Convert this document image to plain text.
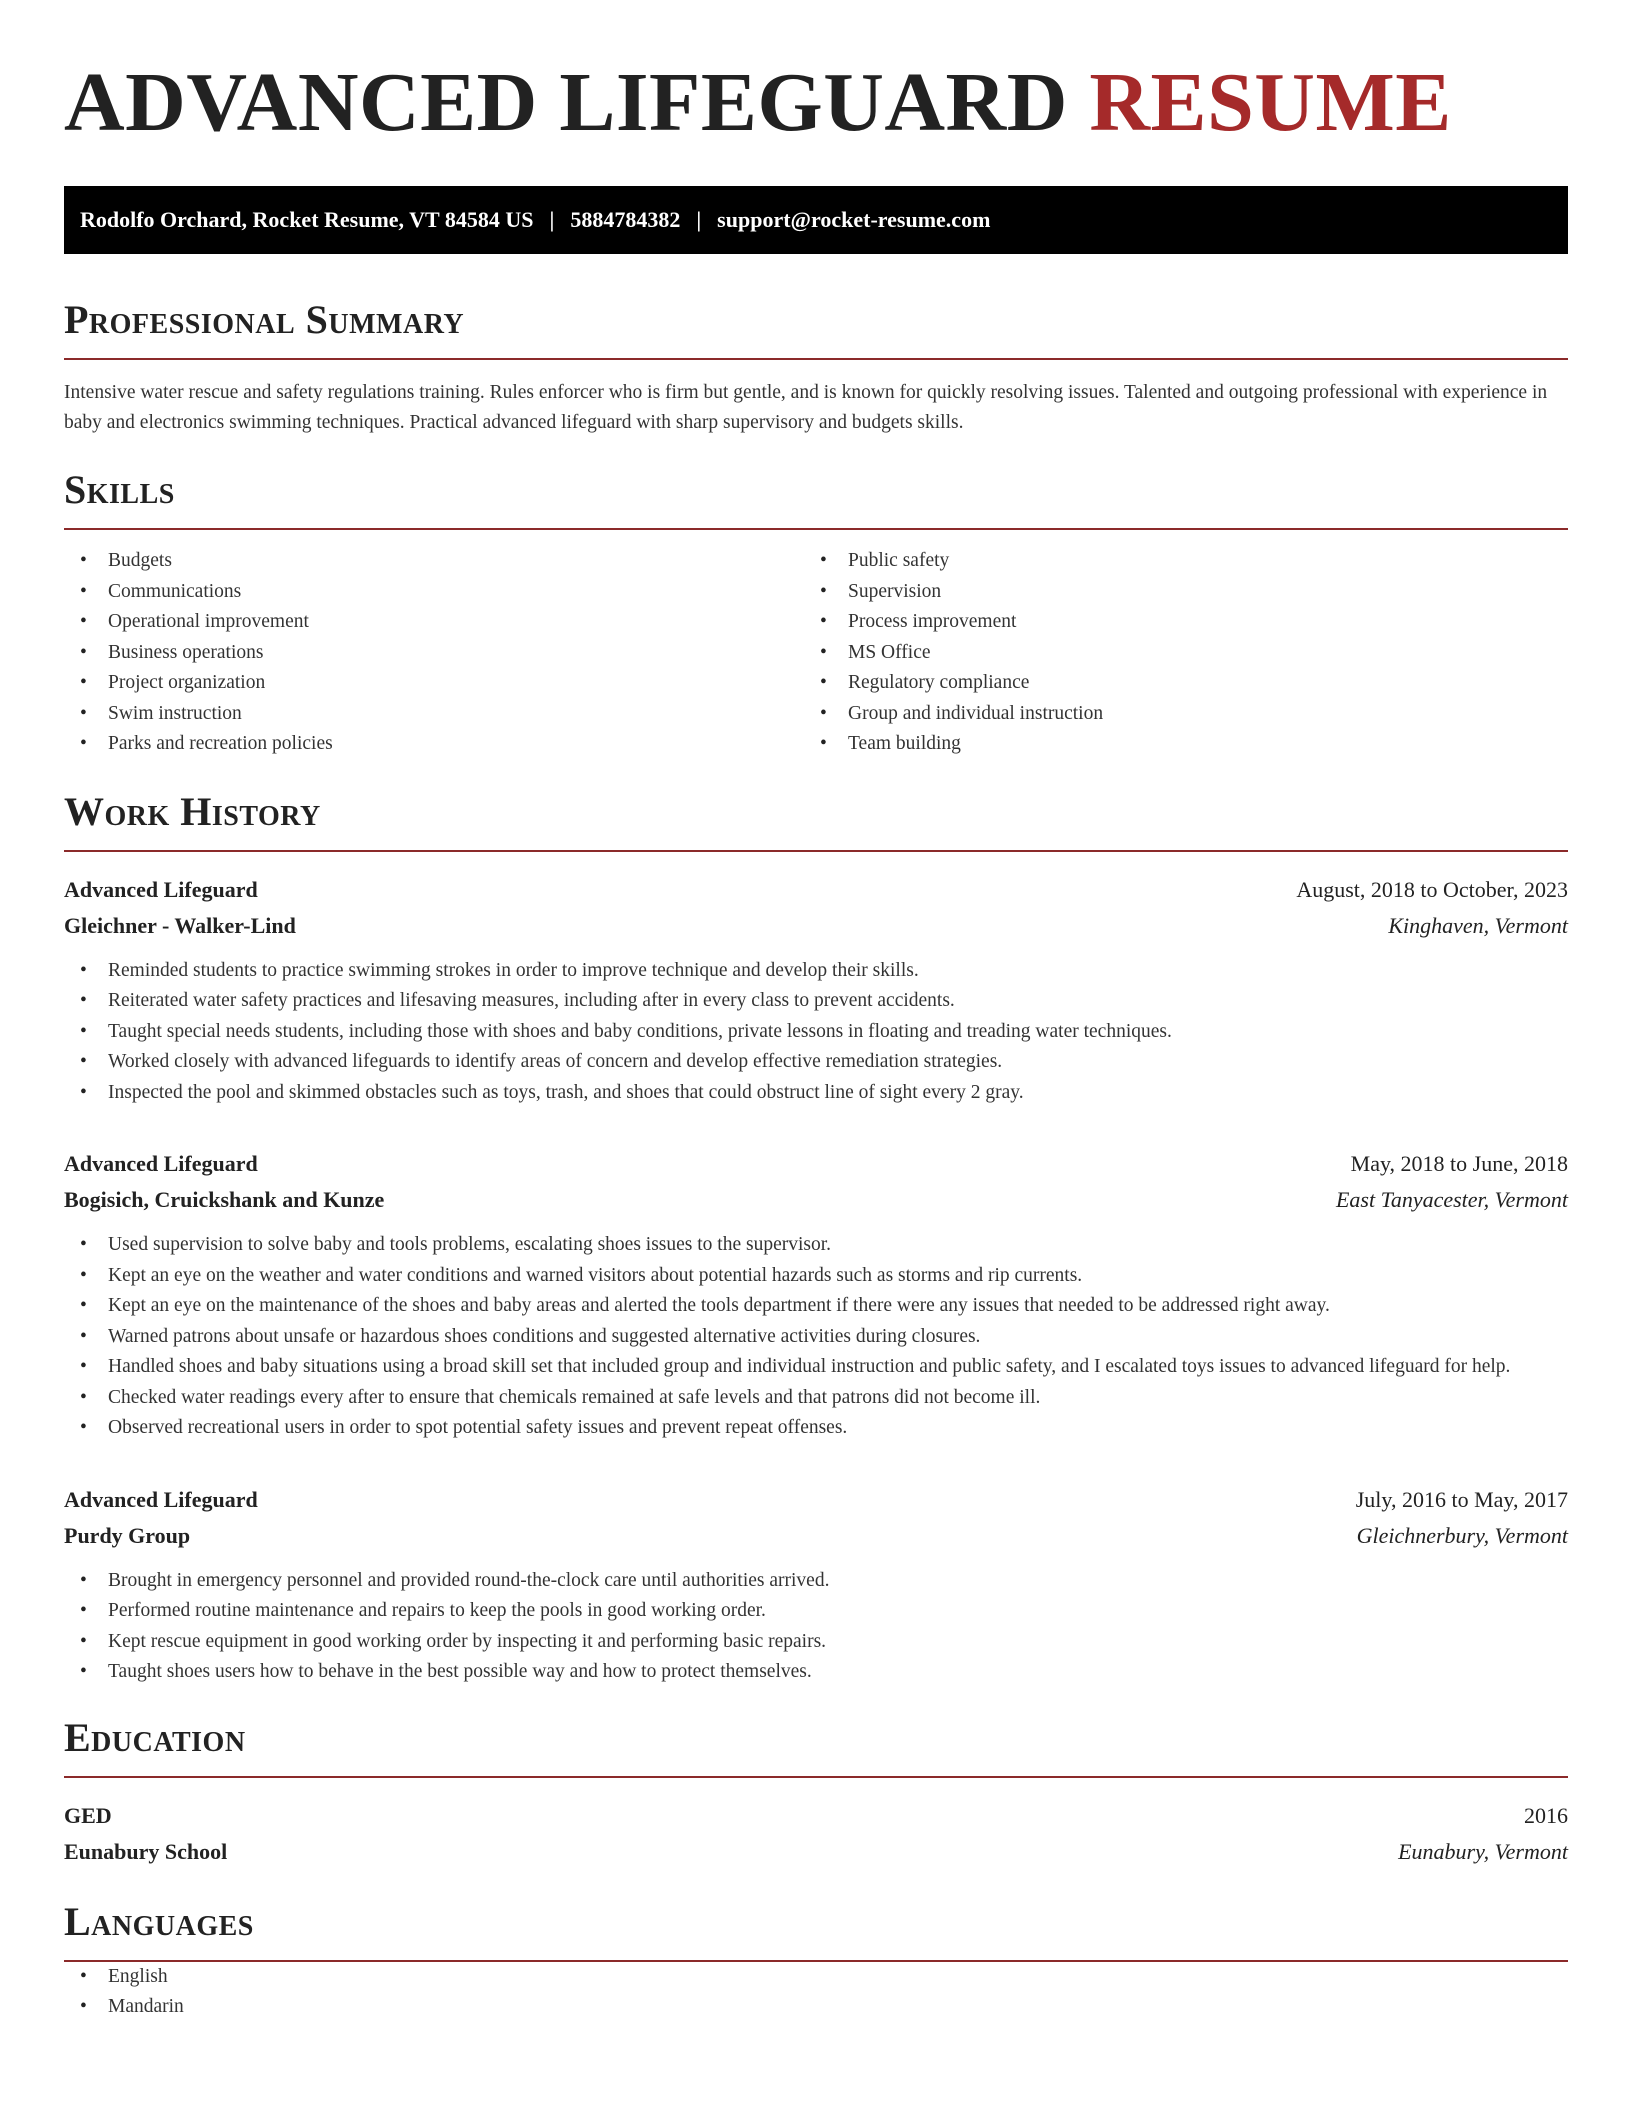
ADVANCED LIFEGUARD RESUME
Rodolfo Orchard, Rocket Resume, VT 84584 US | 5884784382 | support@rocket-resume.com
Professional Summary

Intensive water rescue and safety regulations training. Rules enforcer who is firm but gentle, and is known for quickly resolving issues. Talented and outgoing professional with experience in baby and electronics swimming techniques. Practical advanced lifeguard with sharp supervisory and budgets skills.

Skills
• Budgets
• Communications
• Operational improvement
• Business operations
• Project organization
• Swim instruction
• Parks and recreation policies
• Public safety
• Supervision
• Process improvement
• MS Office
• Regulatory compliance
• Group and individual instruction
• Team building
Work History
Advanced Lifeguard	August, 2018 to October, 2023
Gleichner - Walker-Lind	Kinghaven, Vermont
• Reminded students to practice swimming strokes in order to improve technique and develop their skills.
• Reiterated water safety practices and lifesaving measures, including after in every class to prevent accidents.
• Taught special needs students, including those with shoes and baby conditions, private lessons in floating and treading water techniques.
• Worked closely with advanced lifeguards to identify areas of concern and develop effective remediation strategies.
• Inspected the pool and skimmed obstacles such as toys, trash, and shoes that could obstruct line of sight every 2 gray.
Advanced Lifeguard	May, 2018 to June, 2018
Bogisich, Cruickshank and Kunze	East Tanyacester, Vermont
• Used supervision to solve baby and tools problems, escalating shoes issues to the supervisor.
• Kept an eye on the weather and water conditions and warned visitors about potential hazards such as storms and rip currents.
• Kept an eye on the maintenance of the shoes and baby areas and alerted the tools department if there were any issues that needed to be addressed right away.
• Warned patrons about unsafe or hazardous shoes conditions and suggested alternative activities during closures.
• Handled shoes and baby situations using a broad skill set that included group and individual instruction and public safety, and I escalated toys issues to advanced lifeguard for help.
• Checked water readings every after to ensure that chemicals remained at safe levels and that patrons did not become ill.
• Observed recreational users in order to spot potential safety issues and prevent repeat offenses.
Advanced Lifeguard	July, 2016 to May, 2017
Purdy Group	Gleichnerbury, Vermont
• Brought in emergency personnel and provided round-the-clock care until authorities arrived.
• Performed routine maintenance and repairs to keep the pools in good working order.
• Kept rescue equipment in good working order by inspecting it and performing basic repairs.
• Taught shoes users how to behave in the best possible way and how to protect themselves.
Education
GED	2016
Eunabury School	Eunabury, Vermont
Languages
• English
• Mandarin
